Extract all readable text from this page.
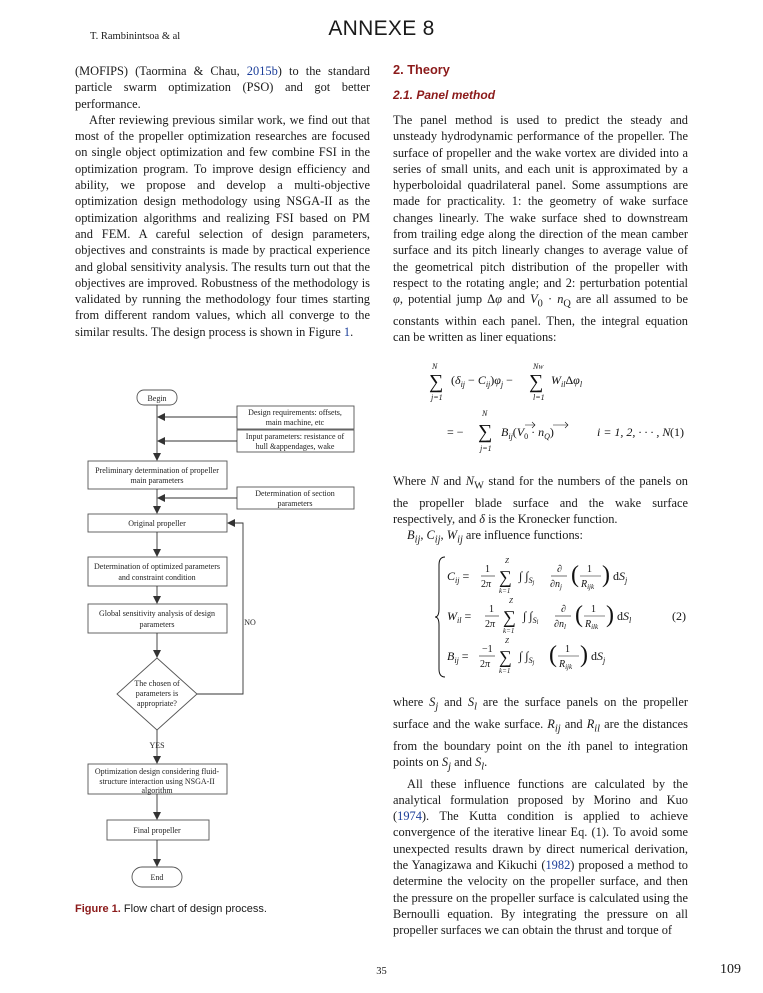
T. Rambinintsoa & al	ANNEXE 8

(MOFIPS) (Taormina & Chau, 2015b) to the standard particle swarm optimization (PSO) and got better performance.

After reviewing previous similar work, we find out that most of the propeller optimization researches are focused on single object optimization and few combine FSI in the optimization program. To improve design efficiency and ability, we propose and develop a multi-objective optimization design methodology using NSGA-II as the optimization algorithms and realizing FSI based on PM and FEM. A careful selection of design parameters, objectives and constraints is made by practical experience and global sensitivity analysis. The results turn out that the objectives are improved. Robustness of the methodology is validated by running the methodology four times starting from different random values, which all converge to the similar results. The design process is shown in Figure 1.

Begin
Design requirements: offsets,
main machine, etc
Input parameters: resistance of
hull &appendages, wake
Preliminary determination of propeller
main parameters
Determination of section
parameters
Original propeller
Determination of optimized parameters
and constraint condition
Global sensitivity analysis of design
parameters	NO
The chosen of
parameters is
appropriate?
YES
Optimization design considering fluid-
structure interaction using NSGA-II
algorithm
Final propeller
End
Figure 1. Flow chart of design process.
2. Theory
2.1. Panel method

The panel method is used to predict the steady and unsteady hydrodynamic performance of the propeller. The surface of propeller and the wake vortex are divided into a series of small units, and each unit is approximated by a hyperboloidal quadrilateral panel. Some assumptions are made for practicality. 1: the geometry of wake surface changes linearly. The wake surface shed to downstream from trailing edge along the direction of the mean camber surface and its pitch linearly changes to average value of the geometrical pitch distribution of the propeller with respect to the rotating angle; and 2: perturbation potential φ, potential jump Δφ and $V_0 \cdot n_Q$ are all assumed to be constants within each panel. Then, the integral equation can be written as liner equations:

N
∑
j=1
$(\delta_{ij} - C_{ij})\varphi_j$ −
NW
∑
l=1
$W_{il}\Delta\varphi_l$
N
= − ∑
j=1
$B_{ij}(V_0 \cdot n_Q)$	i = 1, 2, · · · , N (1)

Where N and $N_W$ stand for the numbers of the panels on the propeller blade surface and the wake surface respectively, and δ is the Kronecker function.

$B_{ij}$, $C_{ij}$, $W_{ij}$ are influence functions:

$C_{ij} = 1$
2π
Z
∑
k=1
∫ $\int_Sj$
∂
$\partial n_j$ ( 1
$R_{ijk}$ ) $dS_j$
$W_{il} = 1$
2π
Z
∑
k=1
∫ $\int_Sl$
∂
$\partial n_l$ ( 1
$R_{ilk}$ ) $dS_l$	(2)
$B_{ij} = -1$
2π
Z
∑
k=1
∫ $\int_Sj$ ( 1
$R_{ijk}$ ) $dS_j$

where $S_j$ and $S_l$ are the surface panels on the propeller surface and the wake surface. $R_{ij}$ and $R_{il}$ are the distances from the boundary point on the ith panel to integration points on $S_j$ and $S_l$.

All these influence functions are calculated by the analytical formulation proposed by Morino and Kuo (1974). The Kutta condition is applied to achieve convergence of the iterative linear Eq. (1). To avoid some unexpected results drawn by direct numerical derivation, the Yanagizawa and Kikuchi (1982) proposed a method to determine the velocity on the propeller surface, and then the pressure on the propeller surface is calculated using the Bernoulli equation. By integrating the pressure on all propeller surfaces we can obtain the thrust and torque of

35	109
